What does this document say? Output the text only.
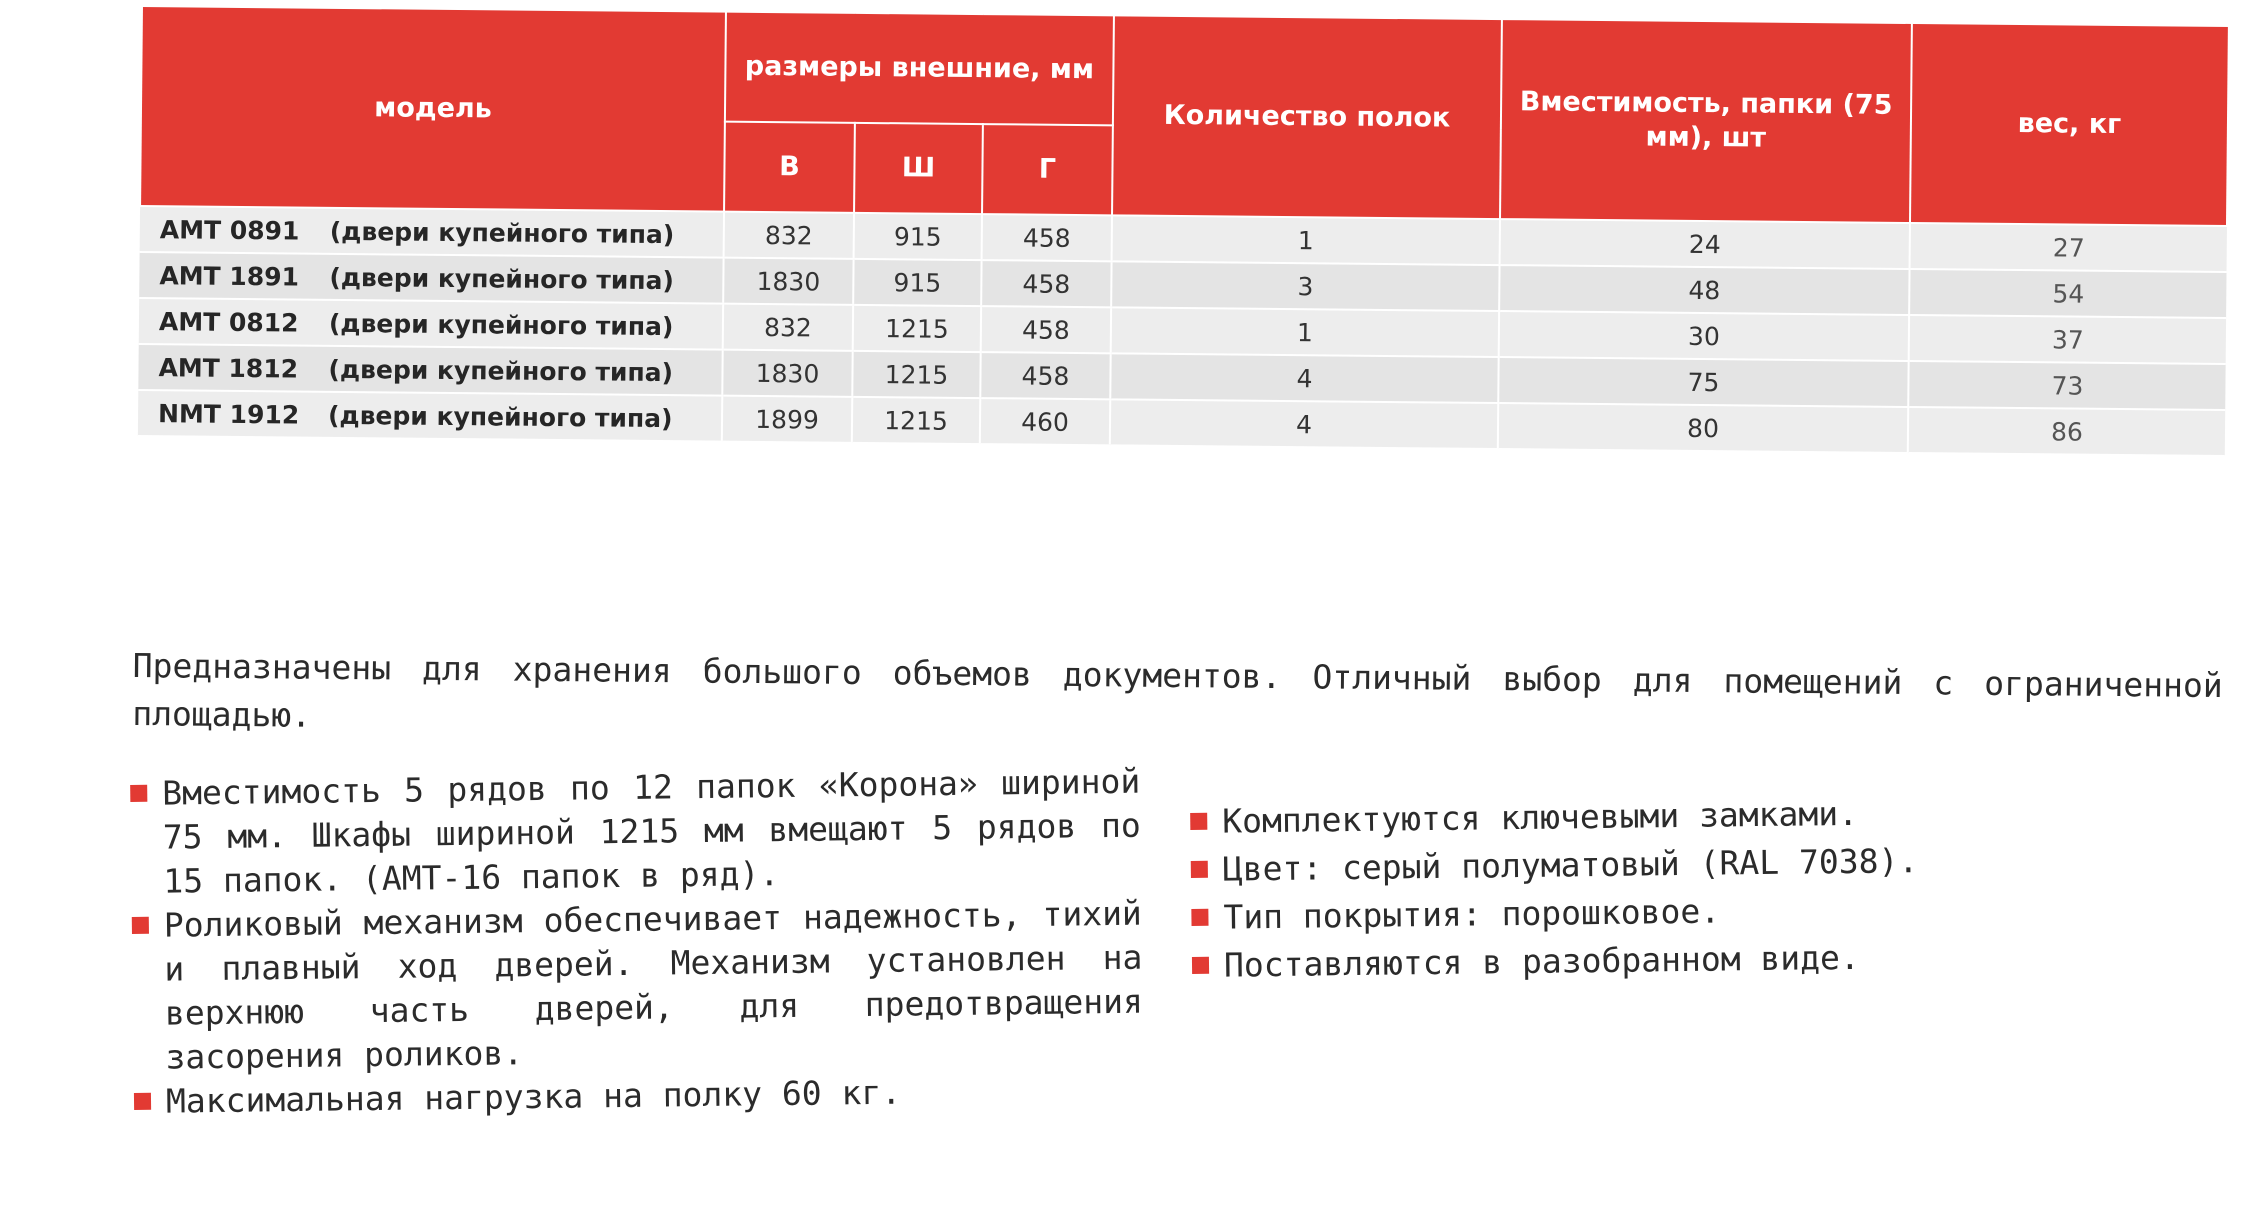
модель	размеры внешние, мм			Количество полок	Вместимость, папки (75 мм), шт	вес, кг
	В	Ш	Г			
AMT 0891 (двери купейного типа)	832	915	458	1	24	27
AMT 1891 (двери купейного типа)	1830	915	458	3	48	54
AMT 0812 (двери купейного типа)	832	1215	458	1	30	37
AMT 1812 (двери купейного типа)	1830	1215	458	4	75	73
NMT 1912 (двери купейного типа)	1899	1215	460	4	80	86

Предназначены для хранения большого объемов документов. Отличный выбор для помещений с ограниченной площадью.

Вместимость 5 рядов по 12 папок «Корона» шириной 75 мм. Шкафы шириной 1215 мм вмещают 5 рядов по 15 папок. (АМТ-16 папок в ряд).
Роликовый механизм обеспечивает надежность, тихий и плавный ход дверей. Механизм установлен на верхнюю часть дверей, для предотвращения засорения роликов.
Максимальная нагрузка на полку 60 кг.
Комплектуются ключевыми замками.
Цвет: серый полуматовый (RAL 7038).
Тип покрытия: порошковое.
Поставляются в разобранном виде.
